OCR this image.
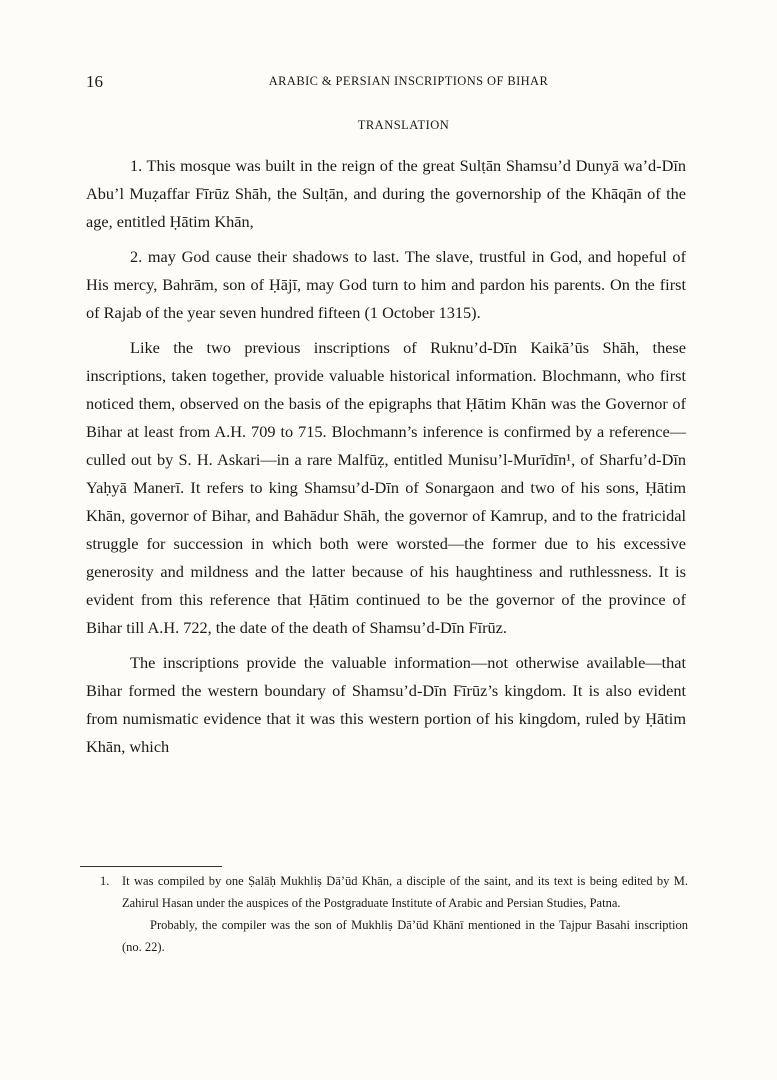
16	ARABIC & PERSIAN INSCRIPTIONS OF BIHAR
TRANSLATION

1. This mosque was built in the reign of the great Sulṭān Shamsu’d Dunyā wa’d-Dīn Abu’l Muẓaffar Fīrūz Shāh, the Sulṭān, and during the governorship of the Khāqān of the age, entitled Ḥātim Khān,

2. may God cause their shadows to last. The slave, trustful in God, and hopeful of His mercy, Bahrām, son of Ḥājī, may God turn to him and pardon his parents. On the first of Rajab of the year seven hundred fifteen (1 October 1315).

Like the two previous inscriptions of Ruknu’d-Dīn Kaikā’ūs Shāh, these inscriptions, taken together, provide valuable historical information. Blochmann, who first noticed them, observed on the basis of the epigraphs that Ḥātim Khān was the Governor of Bihar at least from A.H. 709 to 715. Blochmann’s inference is confirmed by a reference—culled out by S. H. Askari—in a rare Malfūẓ, entitled Munisu’l-Murīdīn¹, of Sharfu’d-Dīn Yaḥyā Manerī. It refers to king Shamsu’d-Dīn of Sonargaon and two of his sons, Ḥātim Khān, governor of Bihar, and Bahādur Shāh, the governor of Kamrup, and to the fratricidal struggle for succession in which both were worsted—the former due to his excessive generosity and mildness and the latter because of his haughtiness and ruthlessness. It is evident from this reference that Ḥātim continued to be the governor of the province of Bihar till A.H. 722, the date of the death of Shamsu’d-Dīn Fīrūz.

The inscriptions provide the valuable information—not otherwise available—that Bihar formed the western boundary of Shamsu’d-Dīn Fīrūz’s kingdom. It is also evident from numismatic evidence that it was this western portion of his kingdom, ruled by Ḥātim Khān, which

1. It was compiled by one Ṣalāḥ Mukhliṣ Dā’ūd Khān, a disciple of the saint, and its text is being edited by M. Zahirul Hasan under the auspices of the Postgraduate Institute of Arabic and Persian Studies, Patna.

Probably, the compiler was the son of Mukhliṣ Dā’ūd Khānī mentioned in the Tajpur Basahi inscription (no. 22).
